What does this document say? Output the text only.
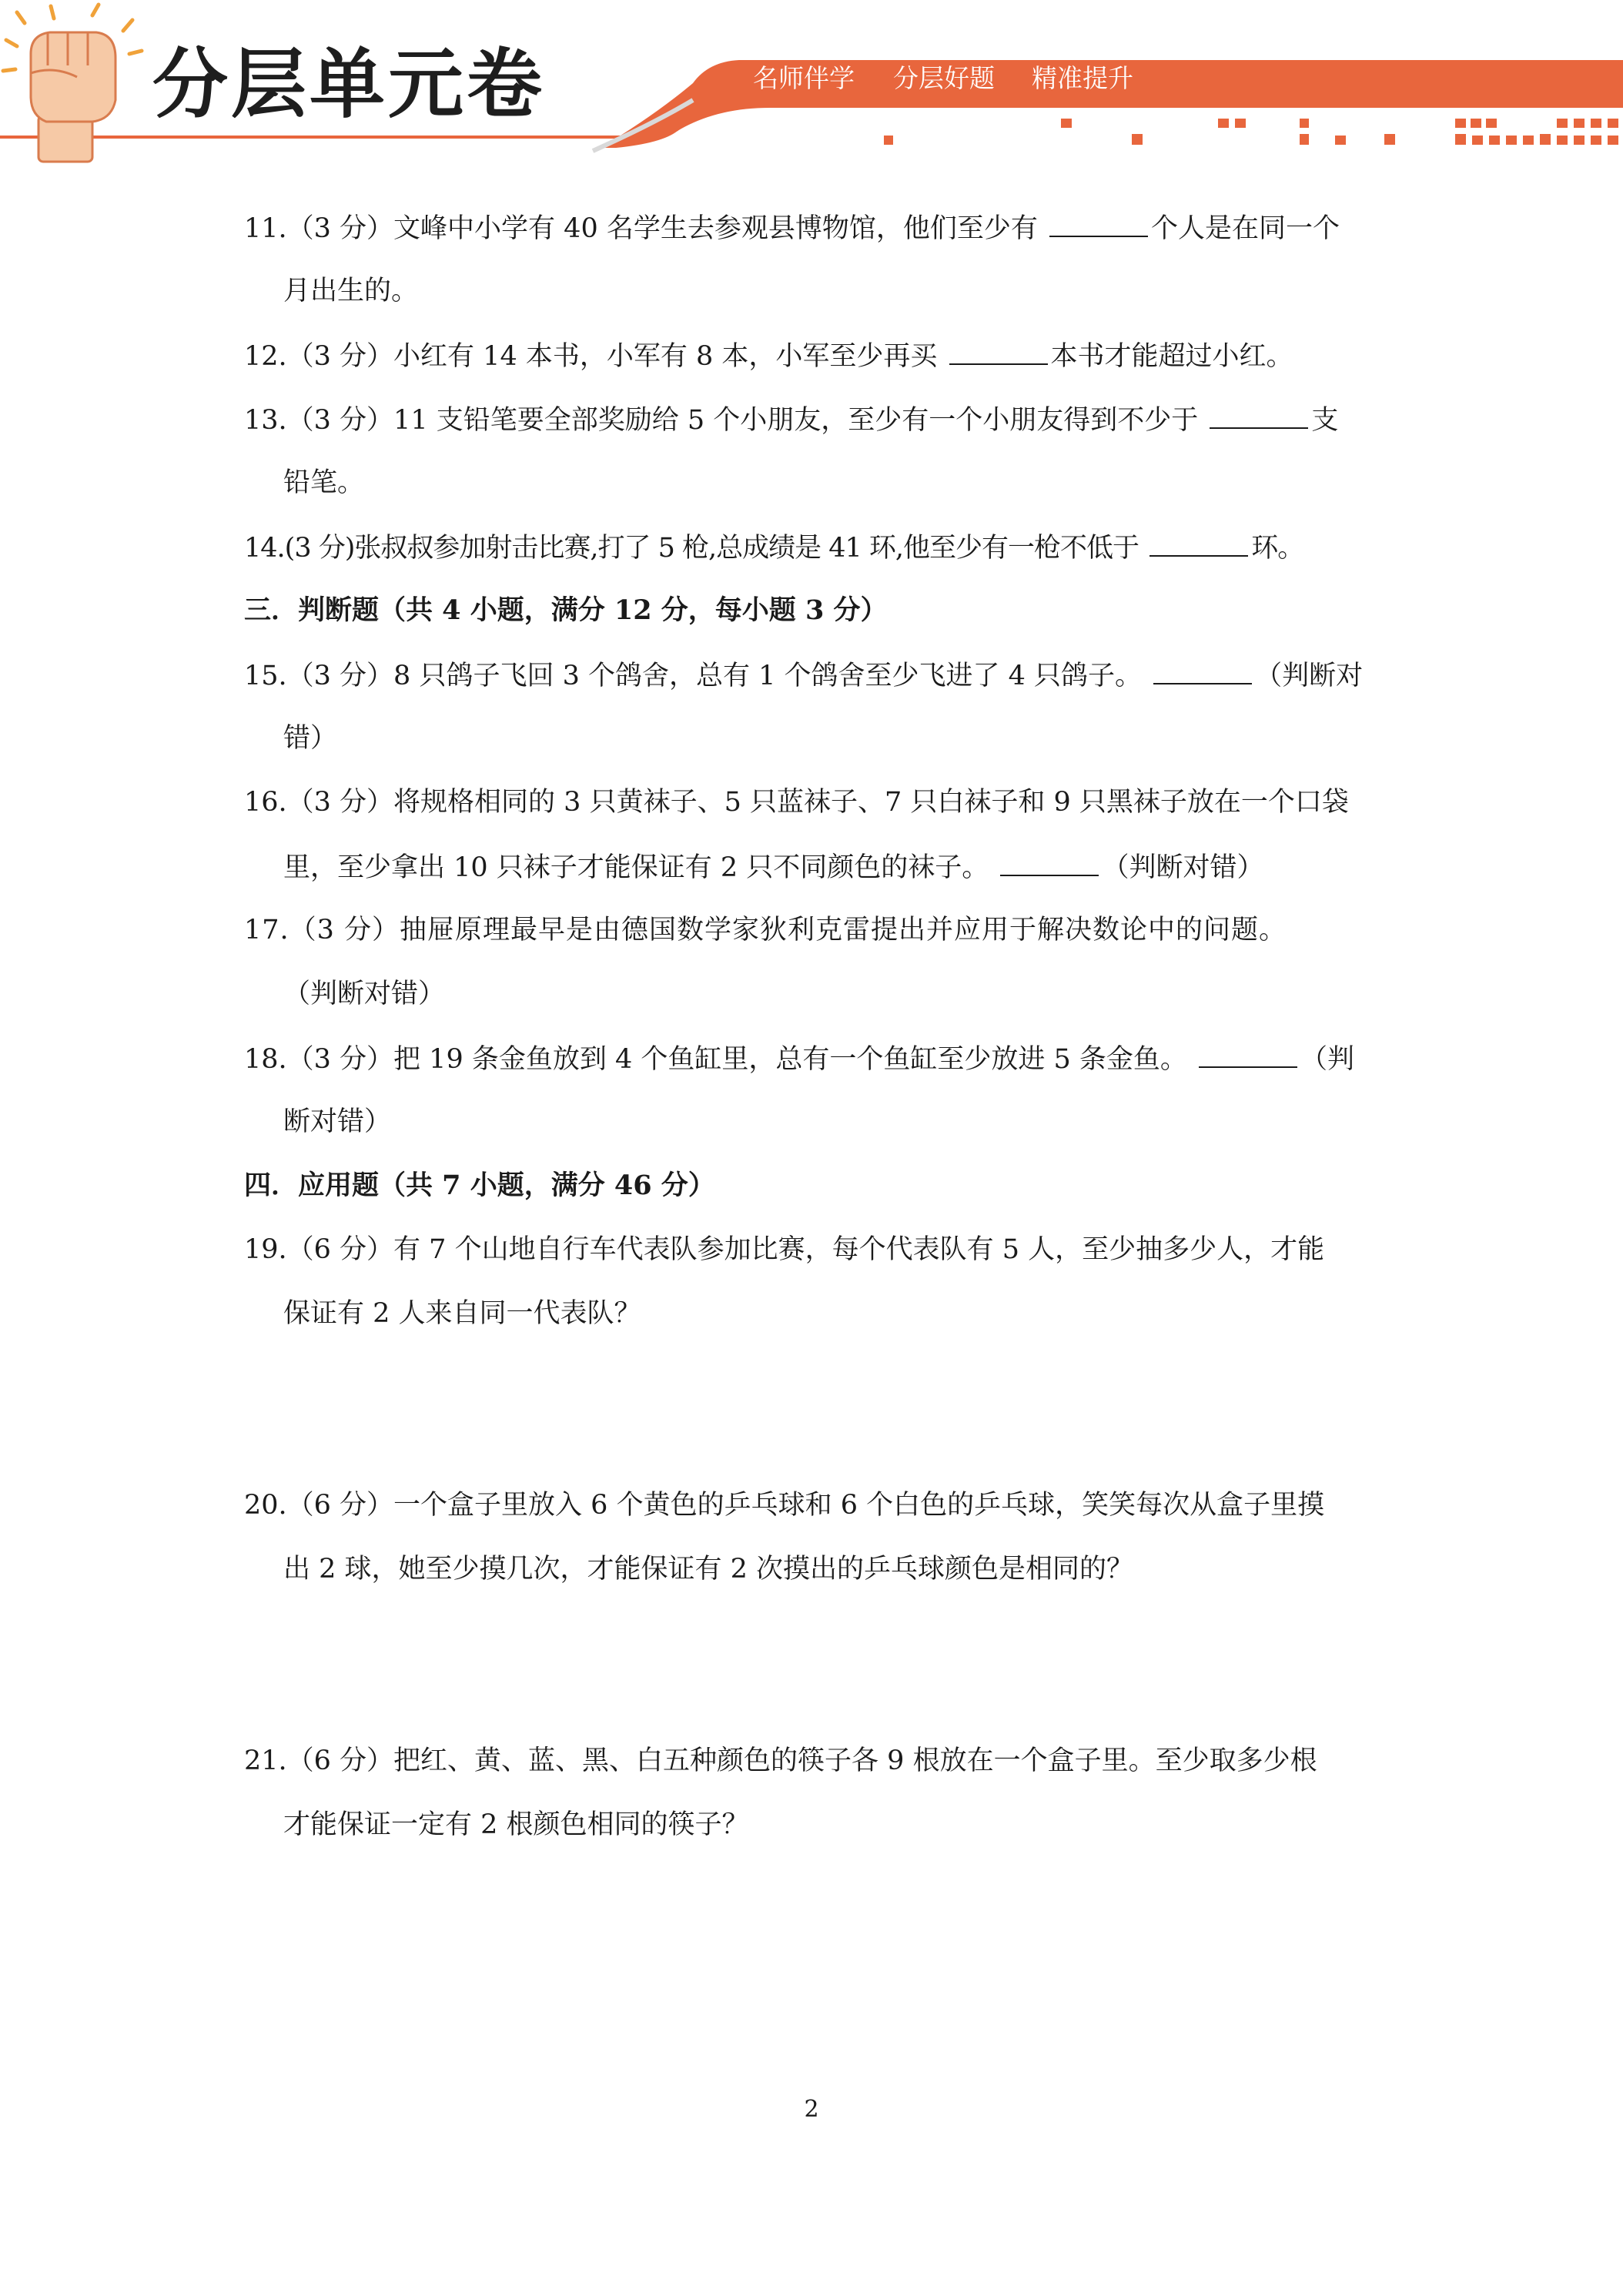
分层单元卷	名师伴学 分层好题 精准提升
11.（3 分）文峰中小学有 40 名学生去参观县博物馆，他们至少有	个人是在同一个
月出生的。
12.（3 分）小红有 14 本书，小军有 8 本，小军至少再买	本书才能超过小红。
13.（3 分）11 支铅笔要全部奖励给 5 个小朋友，至少有一个小朋友得到不少于	支
铅笔。
14.(3 分)张叔叔参加射击比赛,打了 5 枪,总成绩是 41 环,他至少有一枪不低于	环。
三．判断题（共 4 小题，满分 12 分，每小题 3 分）
15.（3 分）8 只鸽子飞回 3 个鸽舍，总有 1 个鸽舍至少飞进了 4 只鸽子。	（判断对
错）
16.（3 分）将规格相同的 3 只黄袜子、5 只蓝袜子、7 只白袜子和 9 只黑袜子放在一个口袋
里，至少拿出 10 只袜子才能保证有 2 只不同颜色的袜子。	（判断对错）
17.（3 分）抽屉原理最早是由德国数学家狄利克雷提出并应用于解决数论中的问题。
（判断对错）
18.（3 分）把 19 条金鱼放到 4 个鱼缸里，总有一个鱼缸至少放进 5 条金鱼。	（判
断对错）
四．应用题（共 7 小题，满分 46 分）
19.（6 分）有 7 个山地自行车代表队参加比赛，每个代表队有 5 人，至少抽多少人，才能
保证有 2 人来自同一代表队？
20.（6 分）一个盒子里放入 6 个黄色的乒乓球和 6 个白色的乒乓球，笑笑每次从盒子里摸
出 2 球，她至少摸几次，才能保证有 2 次摸出的乒乓球颜色是相同的？
21.（6 分）把红、黄、蓝、黑、白五种颜色的筷子各 9 根放在一个盒子里。至少取多少根
才能保证一定有 2 根颜色相同的筷子？
2
